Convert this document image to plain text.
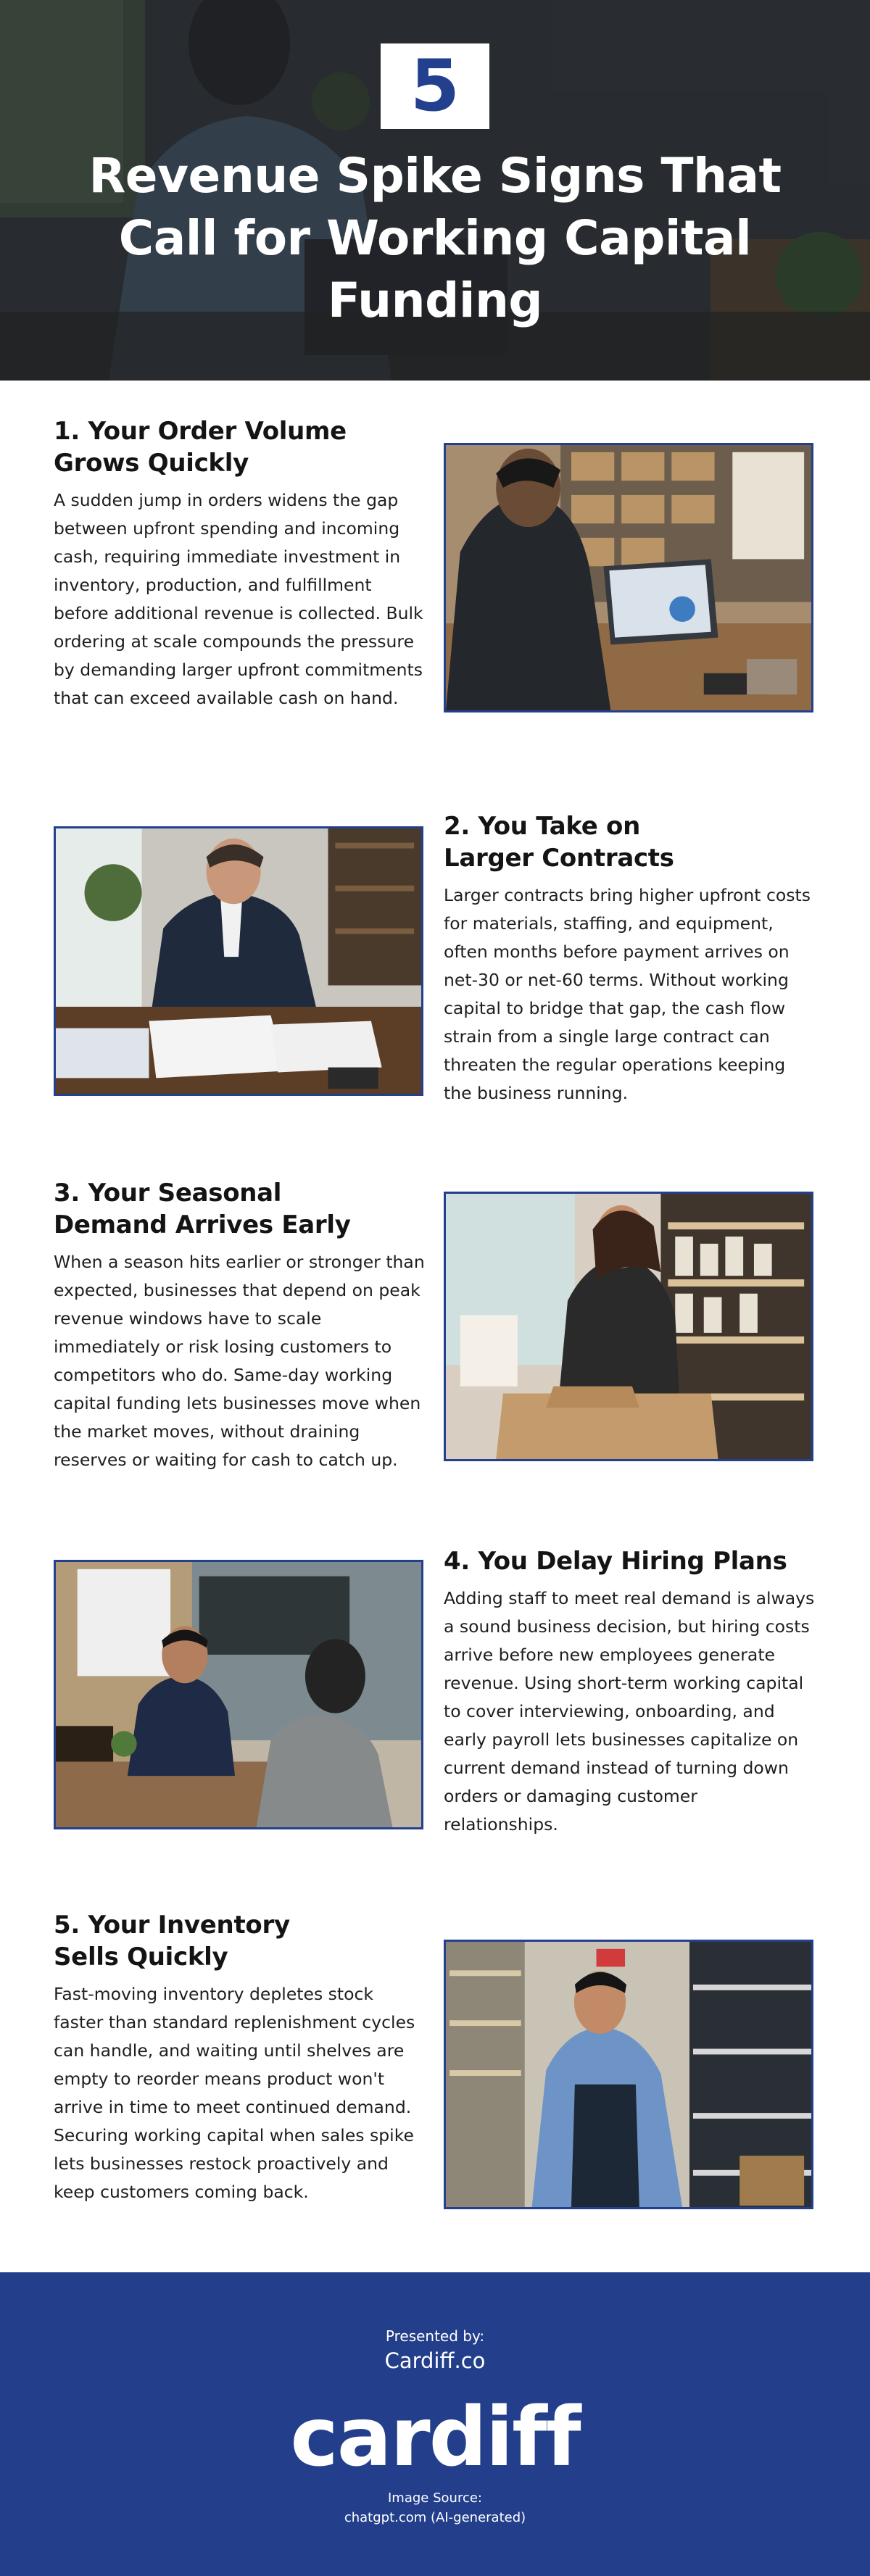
5
Revenue Spike Signs That Call for Working Capital Funding
1. Your Order Volume
Grows Quickly

A sudden jump in orders widens the gap between upfront spending and incoming cash, requiring immediate investment in inventory, production, and fulfillment before additional revenue is collected. Bulk ordering at scale compounds the pressure by demanding larger upfront commitments that can exceed available cash on hand.

2. You Take on
Larger Contracts

Larger contracts bring higher upfront costs for materials, staffing, and equipment, often months before payment arrives on net-30 or net-60 terms. Without working capital to bridge that gap, the cash flow strain from a single large contract can threaten the regular operations keeping the business running.

3. Your Seasonal
Demand Arrives Early

When a season hits earlier or stronger than expected, businesses that depend on peak revenue windows have to scale immediately or risk losing customers to competitors who do. Same-day working capital funding lets businesses move when the market moves, without draining reserves or waiting for cash to catch up.

4. You Delay Hiring Plans

Adding staff to meet real demand is always a sound business decision, but hiring costs arrive before new employees generate revenue. Using short-term working capital to cover interviewing, onboarding, and early payroll lets businesses capitalize on current demand instead of turning down orders or damaging customer relationships.

5. Your Inventory
Sells Quickly

Fast-moving inventory depletes stock faster than standard replenishment cycles can handle, and waiting until shelves are empty to reorder means product won't arrive in time to meet continued demand. Securing working capital when sales spike lets businesses restock proactively and keep customers coming back.

Presented by:
Cardiff.co
cardiff
Image Source:
chatgpt.com (AI-generated)
